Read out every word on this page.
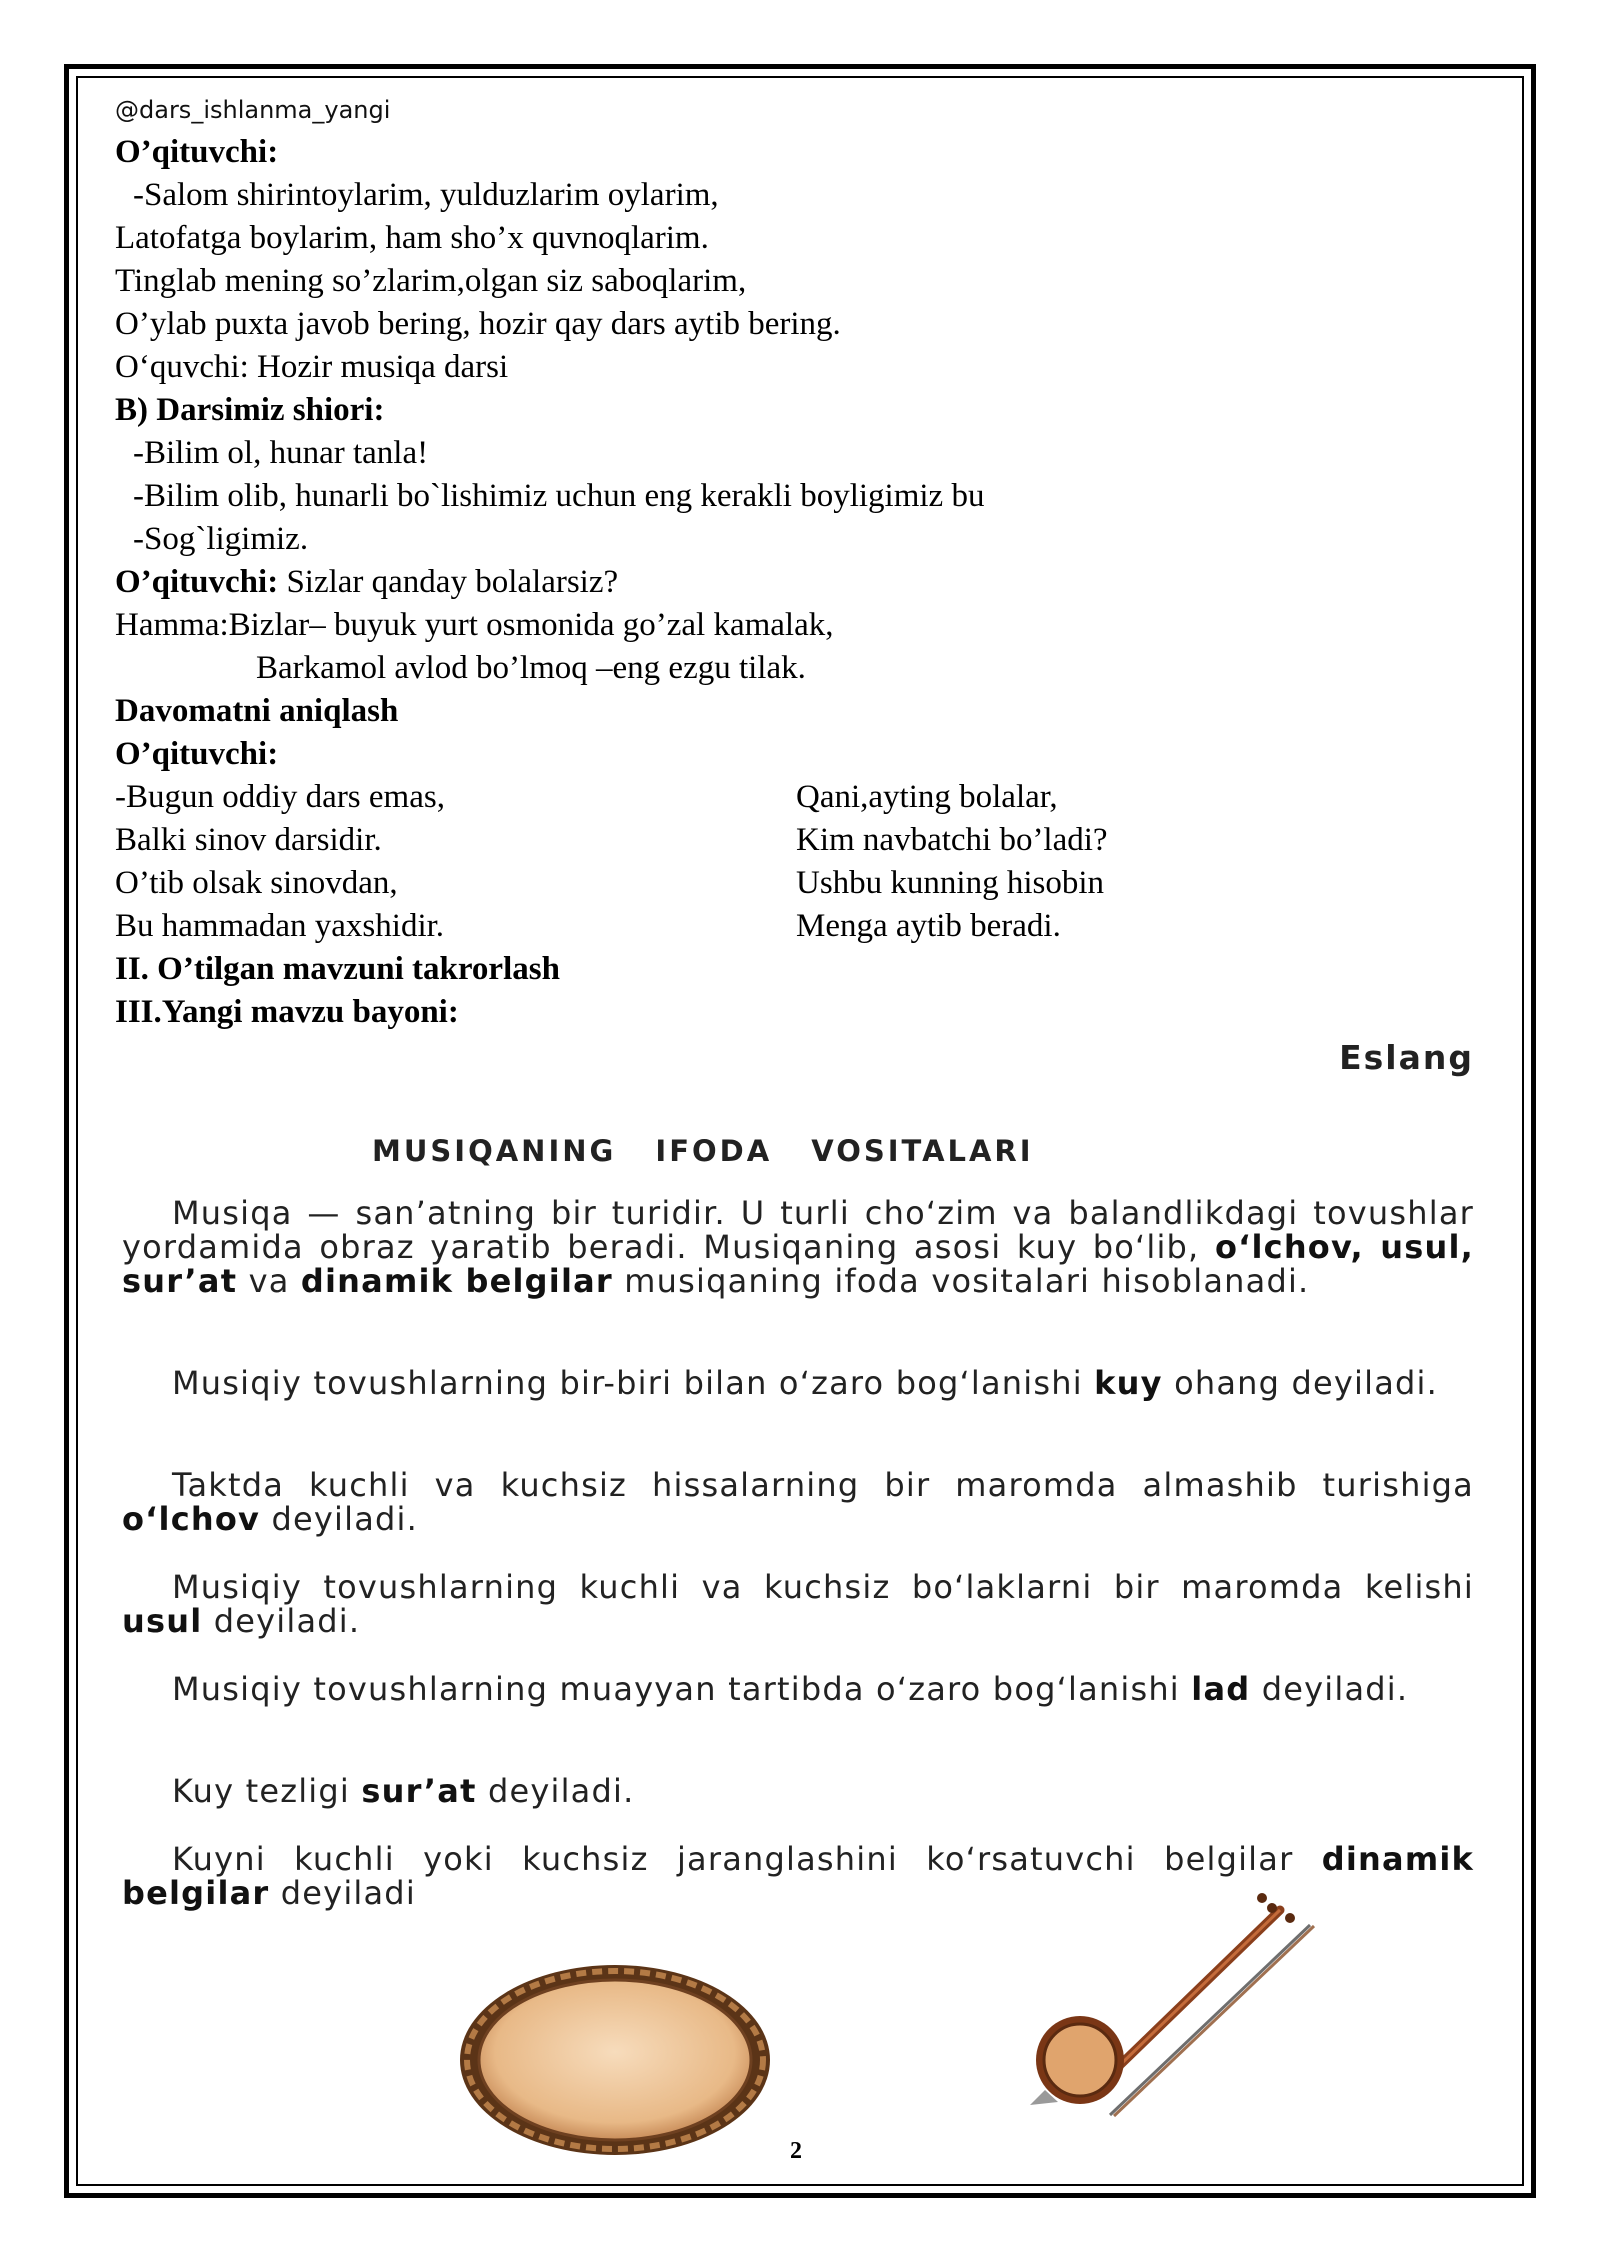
@dars_ishlanma_yangi
O’qituvchi:
-Salom shirintoylarim, yulduzlarim oylarim,
Latofatga boylarim, ham sho’x quvnoqlarim.
Tinglab mening so’zlarim,olgan siz saboqlarim,
O’ylab puxta javob bering, hozir qay dars aytib bering.
O‘quvchi: Hozir musiqa darsi
B) Darsimiz shiori:
-Bilim ol, hunar tanla!
-Bilim olib, hunarli bo`lishimiz uchun eng kerakli boyligimiz bu
-Sog`ligimiz.
O’qituvchi: Sizlar qanday bolalarsiz?
Hamma:Bizlar– buyuk yurt osmonida go’zal kamalak,
Barkamol avlod bo’lmoq –eng ezgu tilak.
Davomatni aniqlash
O’qituvchi:
-Bugun oddiy dars emas,
Balki sinov darsidir.
O’tib olsak sinovdan,
Bu hammadan yaxshidir.
Qani,ayting bolalar,
Kim navbatchi bo’ladi?
Ushbu kunning hisobin
Menga aytib beradi.
II. O’tilgan mavzuni takrorlash
III.Yangi mavzu bayoni:
Eslang
MUSIQANING IFODA VOSITALARI
Musiqa — san’atning bir turidir. U turli cho‘zim va balandlikdagi tovushlar yordamida obraz yaratib beradi. Musiqaning asosi kuy bo‘lib, o‘lchov, usul, sur’at va dinamik belgilar musiqaning ifoda vositalari hisoblanadi.
Musiqiy tovushlarning bir-biri bilan o‘zaro bog‘lanishi kuy ohang deyiladi.
Taktda kuchli va kuchsiz hissalarning bir maromda almashib turishiga o‘lchov deyiladi.
Musiqiy tovushlarning kuchli va kuchsiz bo‘laklarni bir maromda kelishi usul deyiladi.
Musiqiy tovushlarning muayyan tartibda o‘zaro bog‘lanishi lad deyiladi.
Kuy tezligi sur’at deyiladi.
Kuyni kuchli yoki kuchsiz jaranglashini ko‘rsatuvchi belgilar dinamik belgilar deyiladi
2
